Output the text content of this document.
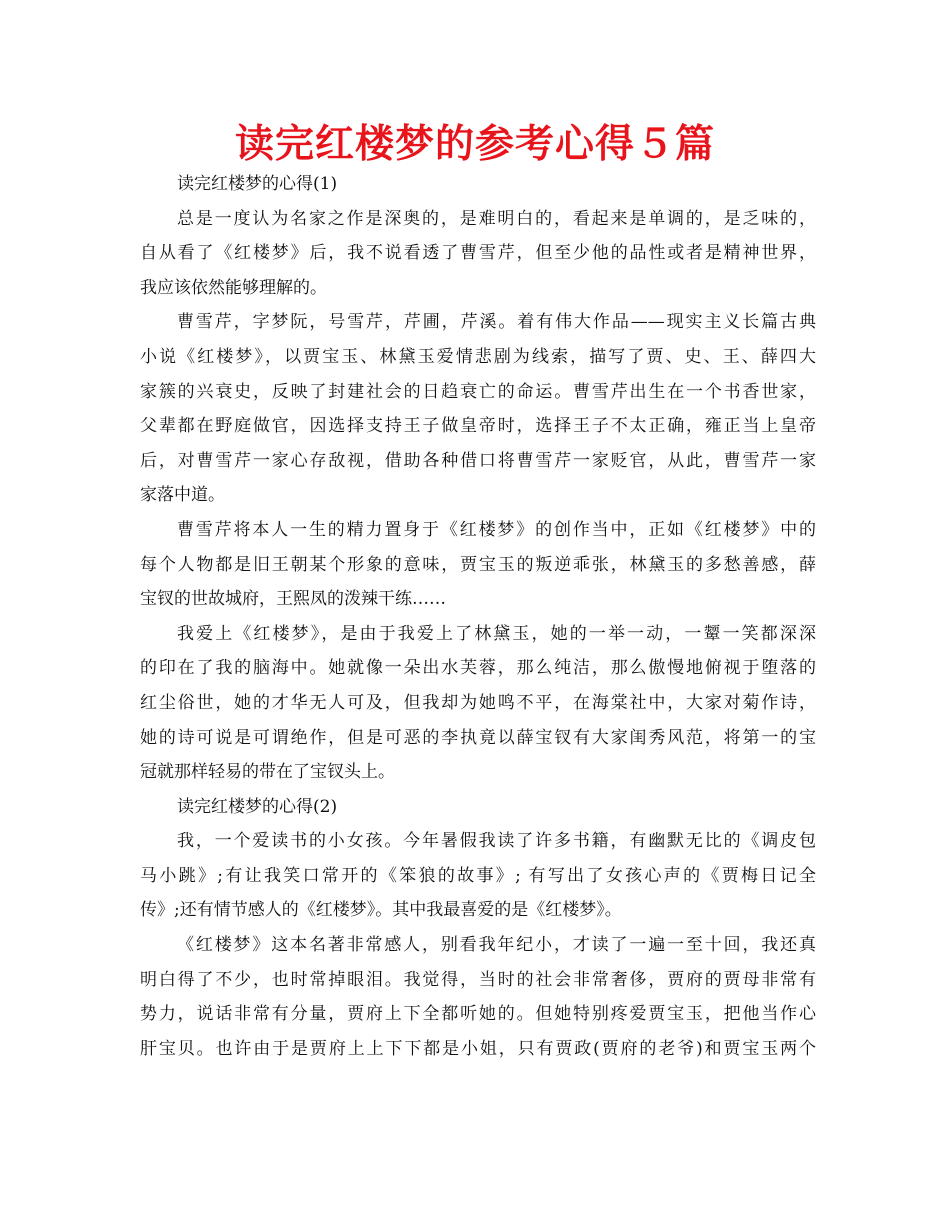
读完红楼梦的参考心得５篇
读完红楼梦的心得(1)
总是一度认为名家之作是深奥的，是难明白的，看起来是单调的，是乏味的，
自从看了《红楼梦》后，我不说看透了曹雪芹，但至少他的品性或者是精神世界，
我应该依然能够理解的。
曹雪芹，字梦阮，号雪芹，芹圃，芹溪。着有伟大作品——现实主义长篇古典
小说《红楼梦》，以贾宝玉、林黛玉爱情悲剧为线索，描写了贾、史、王、薛四大
家簇的兴衰史，反映了封建社会的日趋衰亡的命运。曹雪芹出生在一个书香世家，
父辈都在野庭做官，因选择支持王子做皇帝时，选择王子不太正确，雍正当上皇帝
后，对曹雪芹一家心存敌视，借助各种借口将曹雪芹一家贬官，从此，曹雪芹一家
家落中道。
曹雪芹将本人一生的精力置身于《红楼梦》的创作当中，正如《红楼梦》中的
每个人物都是旧王朝某个形象的意味，贾宝玉的叛逆乖张，林黛玉的多愁善感，薛
宝钗的世故城府，王熙凤的泼辣干练……
我爱上《红楼梦》，是由于我爱上了林黛玉，她的一举一动，一颦一笑都深深
的印在了我的脑海中。她就像一朵出水芙蓉，那么纯洁，那么傲慢地俯视于堕落的
红尘俗世，她的才华无人可及，但我却为她鸣不平，在海棠社中，大家对菊作诗，
她的诗可说是可谓绝作，但是可恶的李执竟以薛宝钗有大家闺秀风范，将第一的宝
冠就那样轻易的带在了宝钗头上。
读完红楼梦的心得(2)
我，一个爱读书的小女孩。今年暑假我读了许多书籍，有幽默无比的《调皮包
马小跳》;有让我笑口常开的《笨狼的故事》; 有写出了女孩心声的《贾梅日记全
传》;还有情节感人的《红楼梦》。其中我最喜爱的是《红楼梦》。
《红楼梦》这本名著非常感人，别看我年纪小，才读了一遍一至十回，我还真
明白得了不少，也时常掉眼泪。我觉得，当时的社会非常奢侈，贾府的贾母非常有
势力，说话非常有分量，贾府上下全都听她的。但她特别疼爱贾宝玉，把他当作心
肝宝贝。也许由于是贾府上上下下都是小姐，只有贾政(贾府的老爷)和贾宝玉两个
